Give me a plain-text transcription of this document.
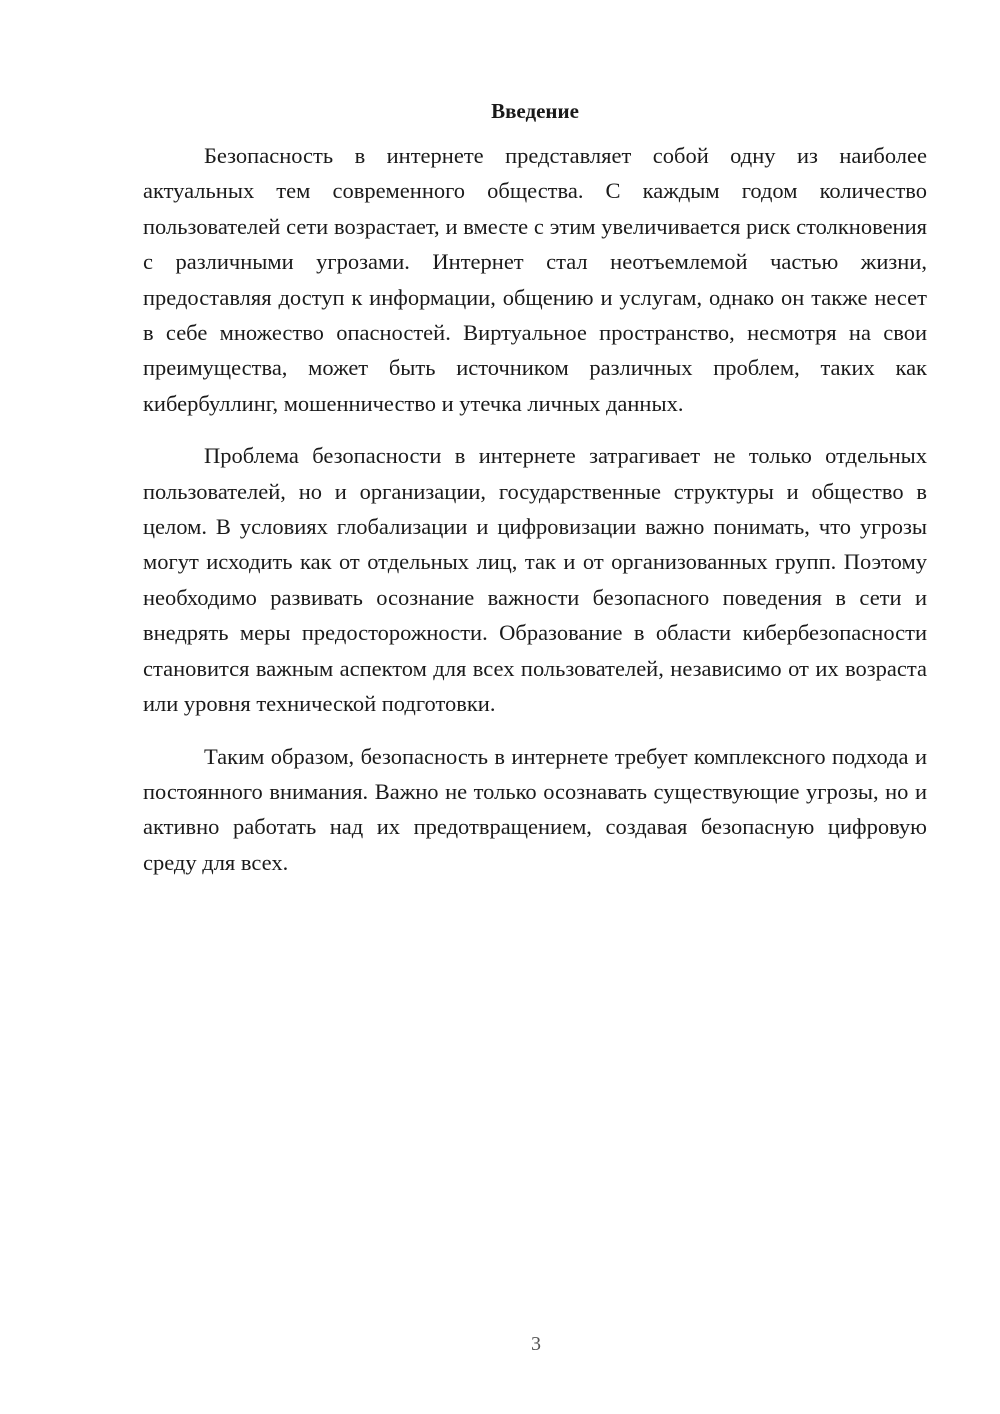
Введение

Безопасность в интернете представляет собой одну из наиболее актуальных тем современного общества. С каждым годом количество пользователей сети возрастает, и вместе с этим увеличивается риск столкновения с различными угрозами. Интернет стал неотъемлемой частью жизни, предоставляя доступ к информации, общению и услугам, однако он также несет в себе множество опасностей. Виртуальное пространство, несмотря на свои преимущества, может быть источником различных проблем, таких как кибербуллинг, мошенничество и утечка личных данных.

Проблема безопасности в интернете затрагивает не только отдельных пользователей, но и организации, государственные структуры и общество в целом. В условиях глобализации и цифровизации важно понимать, что угрозы могут исходить как от отдельных лиц, так и от организованных групп. Поэтому необходимо развивать осознание важности безопасного поведения в сети и внедрять меры предосторожности. Образование в области кибербезопасности становится важным аспектом для всех пользователей, независимо от их возраста или уровня технической подготовки.

Таким образом, безопасность в интернете требует комплексного подхода и постоянного внимания. Важно не только осознавать существующие угрозы, но и активно работать над их предотвращением, создавая безопасную цифровую среду для всех.

3
